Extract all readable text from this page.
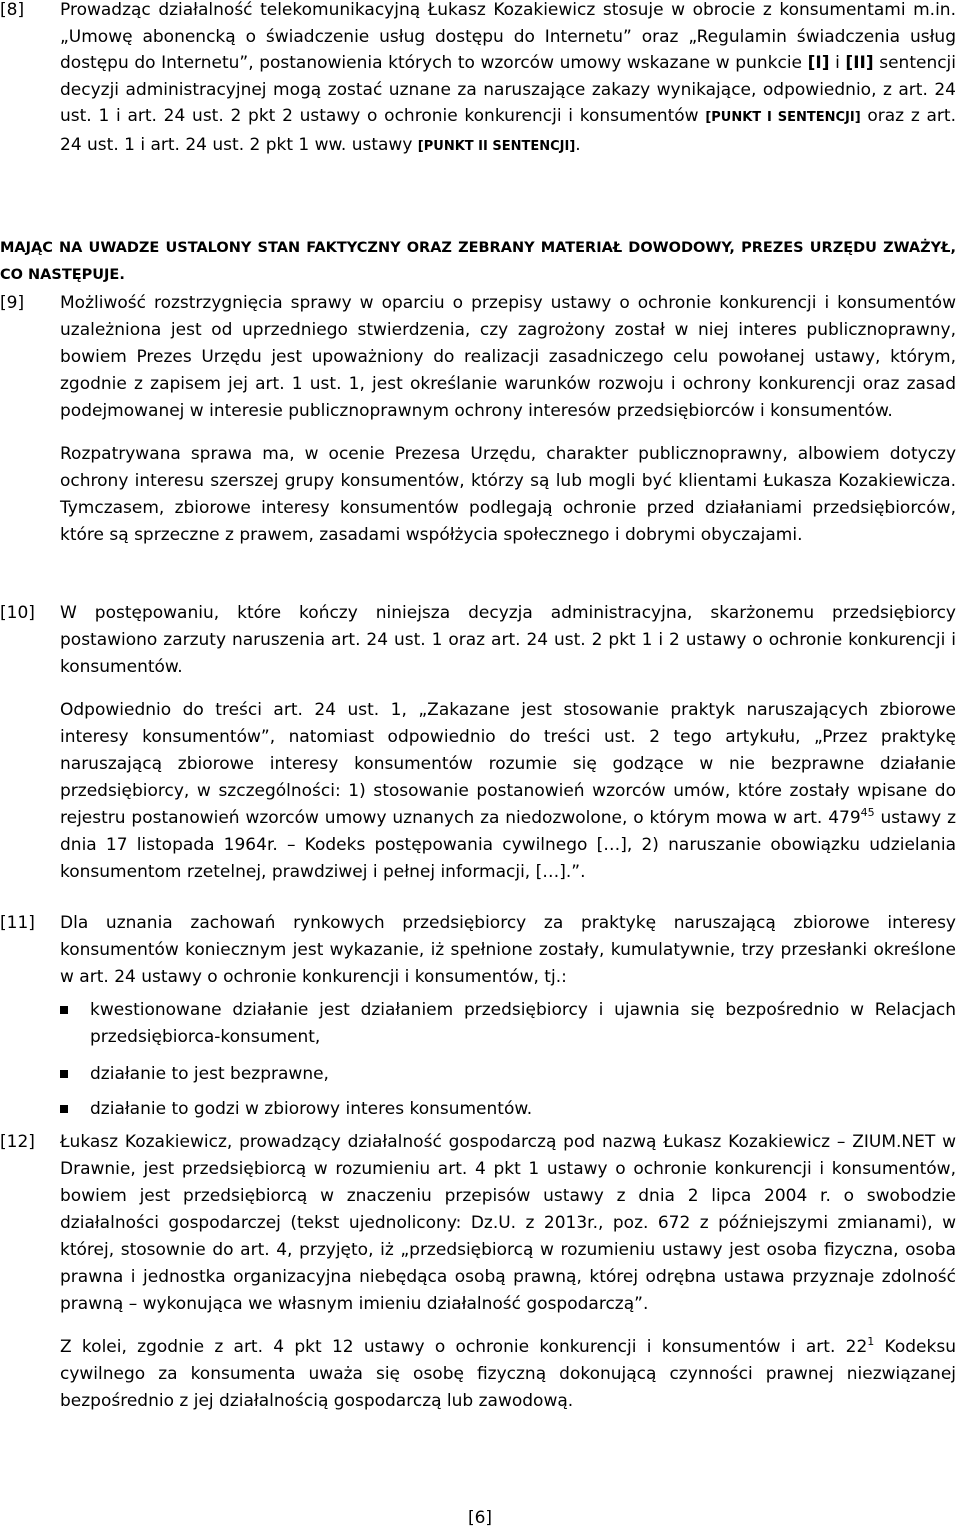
[8] Prowadząc działalność telekomunikacyjną Łukasz Kozakiewicz stosuje w obrocie z konsumentami m.in. „Umowę abonencką o świadczenie usług dostępu do Internetu” oraz „Regulamin świadczenia usług dostępu do Internetu”, postanowienia których to wzorców umowy wskazane w punkcie [I] i [II] sentencji decyzji administracyjnej mogą zostać uznane za naruszające zakazy wynikające, odpowiednio, z art. 24 ust. 1 i art. 24 ust. 2 pkt 2 ustawy o ochronie konkurencji i konsumentów [PUNKT I SENTENCJI] oraz z art. 24 ust. 1 i art. 24 ust. 2 pkt 1 ww. ustawy [PUNKT II SENTENCJI].
MAJĄC NA UWADZE USTALONY STAN FAKTYCZNY ORAZ ZEBRANY MATERIAŁ DOWODOWY, PREZES URZĘDU ZWAŻYŁ, CO NASTĘPUJE.
[9] Możliwość rozstrzygnięcia sprawy w oparciu o przepisy ustawy o ochronie konkurencji i konsumentów uzależniona jest od uprzedniego stwierdzenia, czy zagrożony został w niej interes publicznoprawny, bowiem Prezes Urzędu jest upoważniony do realizacji zasadniczego celu powołanej ustawy, którym, zgodnie z zapisem jej art. 1 ust. 1, jest określanie warunków rozwoju i ochrony konkurencji oraz zasad podejmowanej w interesie publicznoprawnym ochrony interesów przedsiębiorców i konsumentów.
Rozpatrywana sprawa ma, w ocenie Prezesa Urzędu, charakter publicznoprawny, albowiem dotyczy ochrony interesu szerszej grupy konsumentów, którzy są lub mogli być klientami Łukasza Kozakiewicza. Tymczasem, zbiorowe interesy konsumentów podlegają ochronie przed działaniami przedsiębiorców, które są sprzeczne z prawem, zasadami współżycia społecznego i dobrymi obyczajami.
[10] W postępowaniu, które kończy niniejsza decyzja administracyjna, skarżonemu przedsiębiorcy postawiono zarzuty naruszenia art. 24 ust. 1 oraz art. 24 ust. 2 pkt 1 i 2 ustawy o ochronie konkurencji i konsumentów.
Odpowiednio do treści art. 24 ust. 1, „Zakazane jest stosowanie praktyk naruszających zbiorowe interesy konsumentów”, natomiast odpowiednio do treści ust. 2 tego artykułu, „Przez praktykę naruszającą zbiorowe interesy konsumentów rozumie się godzące w nie bezprawne działanie przedsiębiorcy, w szczególności: 1) stosowanie postanowień wzorców umów, które zostały wpisane do rejestru postanowień wzorców umowy uznanych za niedozwolone, o którym mowa w art. $479^{45}$ ustawy z dnia 17 listopada 1964r. – Kodeks postępowania cywilnego […], 2) naruszanie obowiązku udzielania konsumentom rzetelnej, prawdziwej i pełnej informacji, […].”.
[11] Dla uznania zachowań rynkowych przedsiębiorcy za praktykę naruszającą zbiorowe interesy konsumentów koniecznym jest wykazanie, iż spełnione zostały, kumulatywnie, trzy przesłanki określone w art. 24 ustawy o ochronie konkurencji i konsumentów, tj.:
kwestionowane działanie jest działaniem przedsiębiorcy i ujawnia się bezpośrednio w Relacjach przedsiębiorca-konsument,
działanie to jest bezprawne,
działanie to godzi w zbiorowy interes konsumentów.
[12] Łukasz Kozakiewicz, prowadzący działalność gospodarczą pod nazwą Łukasz Kozakiewicz – ZIUM.NET w Drawnie, jest przedsiębiorcą w rozumieniu art. 4 pkt 1 ustawy o ochronie konkurencji i konsumentów, bowiem jest przedsiębiorcą w znaczeniu przepisów ustawy z dnia 2 lipca 2004 r. o swobodzie działalności gospodarczej (tekst ujednolicony: Dz.U. z 2013r., poz. 672 z późniejszymi zmianami), w której, stosownie do art. 4, przyjęto, iż „przedsiębiorcą w rozumieniu ustawy jest osoba fizyczna, osoba prawna i jednostka organizacyjna niebędąca osobą prawną, której odrębna ustawa przyznaje zdolność prawną – wykonująca we własnym imieniu działalność gospodarczą”.
Z kolei, zgodnie z art. 4 pkt 12 ustawy o ochronie konkurencji i konsumentów i art. $22^1$ Kodeksu cywilnego za konsumenta uważa się osobę fizyczną dokonującą czynności prawnej niezwiązanej bezpośrednio z jej działalnością gospodarczą lub zawodową.
[6]
